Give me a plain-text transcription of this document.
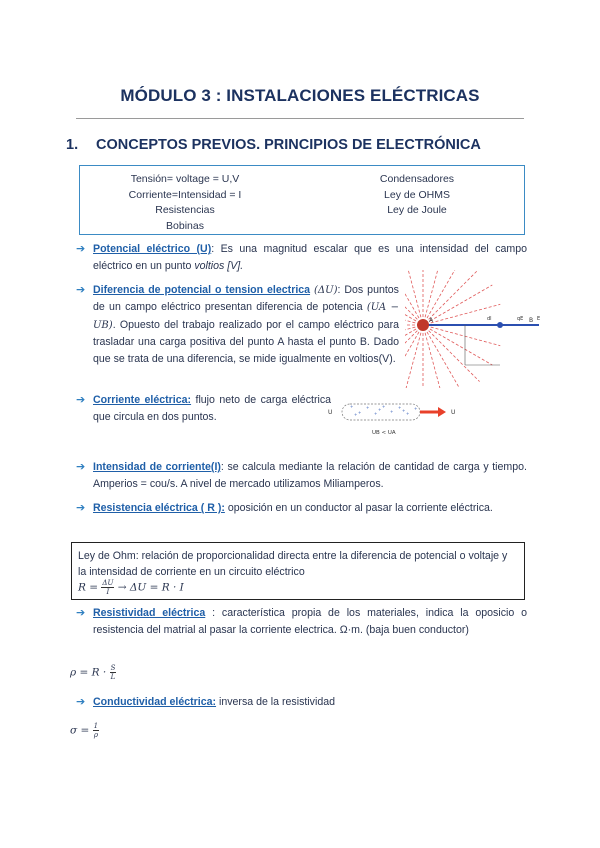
MÓDULO 3 : INSTALACIONES ELÉCTRICAS
1. CONCEPTOS PREVIOS. PRINCIPIOS DE ELECTRÓNICA
Tensión= voltage = U,V
Corriente=Intensidad = I
Resistencias
Bobinas
Condensadores
Ley de OHMS
Ley de Joule
➔ Potencial eléctrico (U): Es una magnitud escalar que es una intensidad del campo eléctrico en un punto voltios [V].
➔ Diferencia de potencial o tension electrica (ΔU): Dos puntos de un campo eléctrico presentan diferencia de potencia (UA − UB). Opuesto del trabajo realizado por el campo eléctrico para trasladar una carga positiva del punto A hasta el punto B. Dado que se trata de una diferencia, se mide igualmente en voltios(V).
A	B
dl	qE	E
➔ Corriente eléctrica: flujo neto de carga eléctrica que circula en dos puntos.	U
+
+
+
+
+
+
+
+
+
+
+	+	U
UB < UA
➔ Intensidad de corriente(I): se calcula mediante la relación de cantidad de carga y tiempo. Amperios = cou/s. A nivel de mercado utilizamos Miliamperos.
➔ Resistencia eléctrica ( R ): oposición en un conductor al pasar la corriente eléctrica.
Ley de Ohm: relación de proporcionalidad directa entre la diferencia de potencial o voltaje y la intensidad de corriente en un circuito eléctrico
$R = \frac{\Delta U}{I} \to \Delta U = R \cdot I$
➔ Resistividad eléctrica : característica propia de los materiales, indica la oposicio o resistencia del matrial al pasar la corriente electrica. Ω·m. (baja buen conductor)
$\rho = R \cdot \frac{S}{L}$
➔ Conductividad eléctrica: inversa de la resistividad
$\sigma = \frac{1}{\rho}$
